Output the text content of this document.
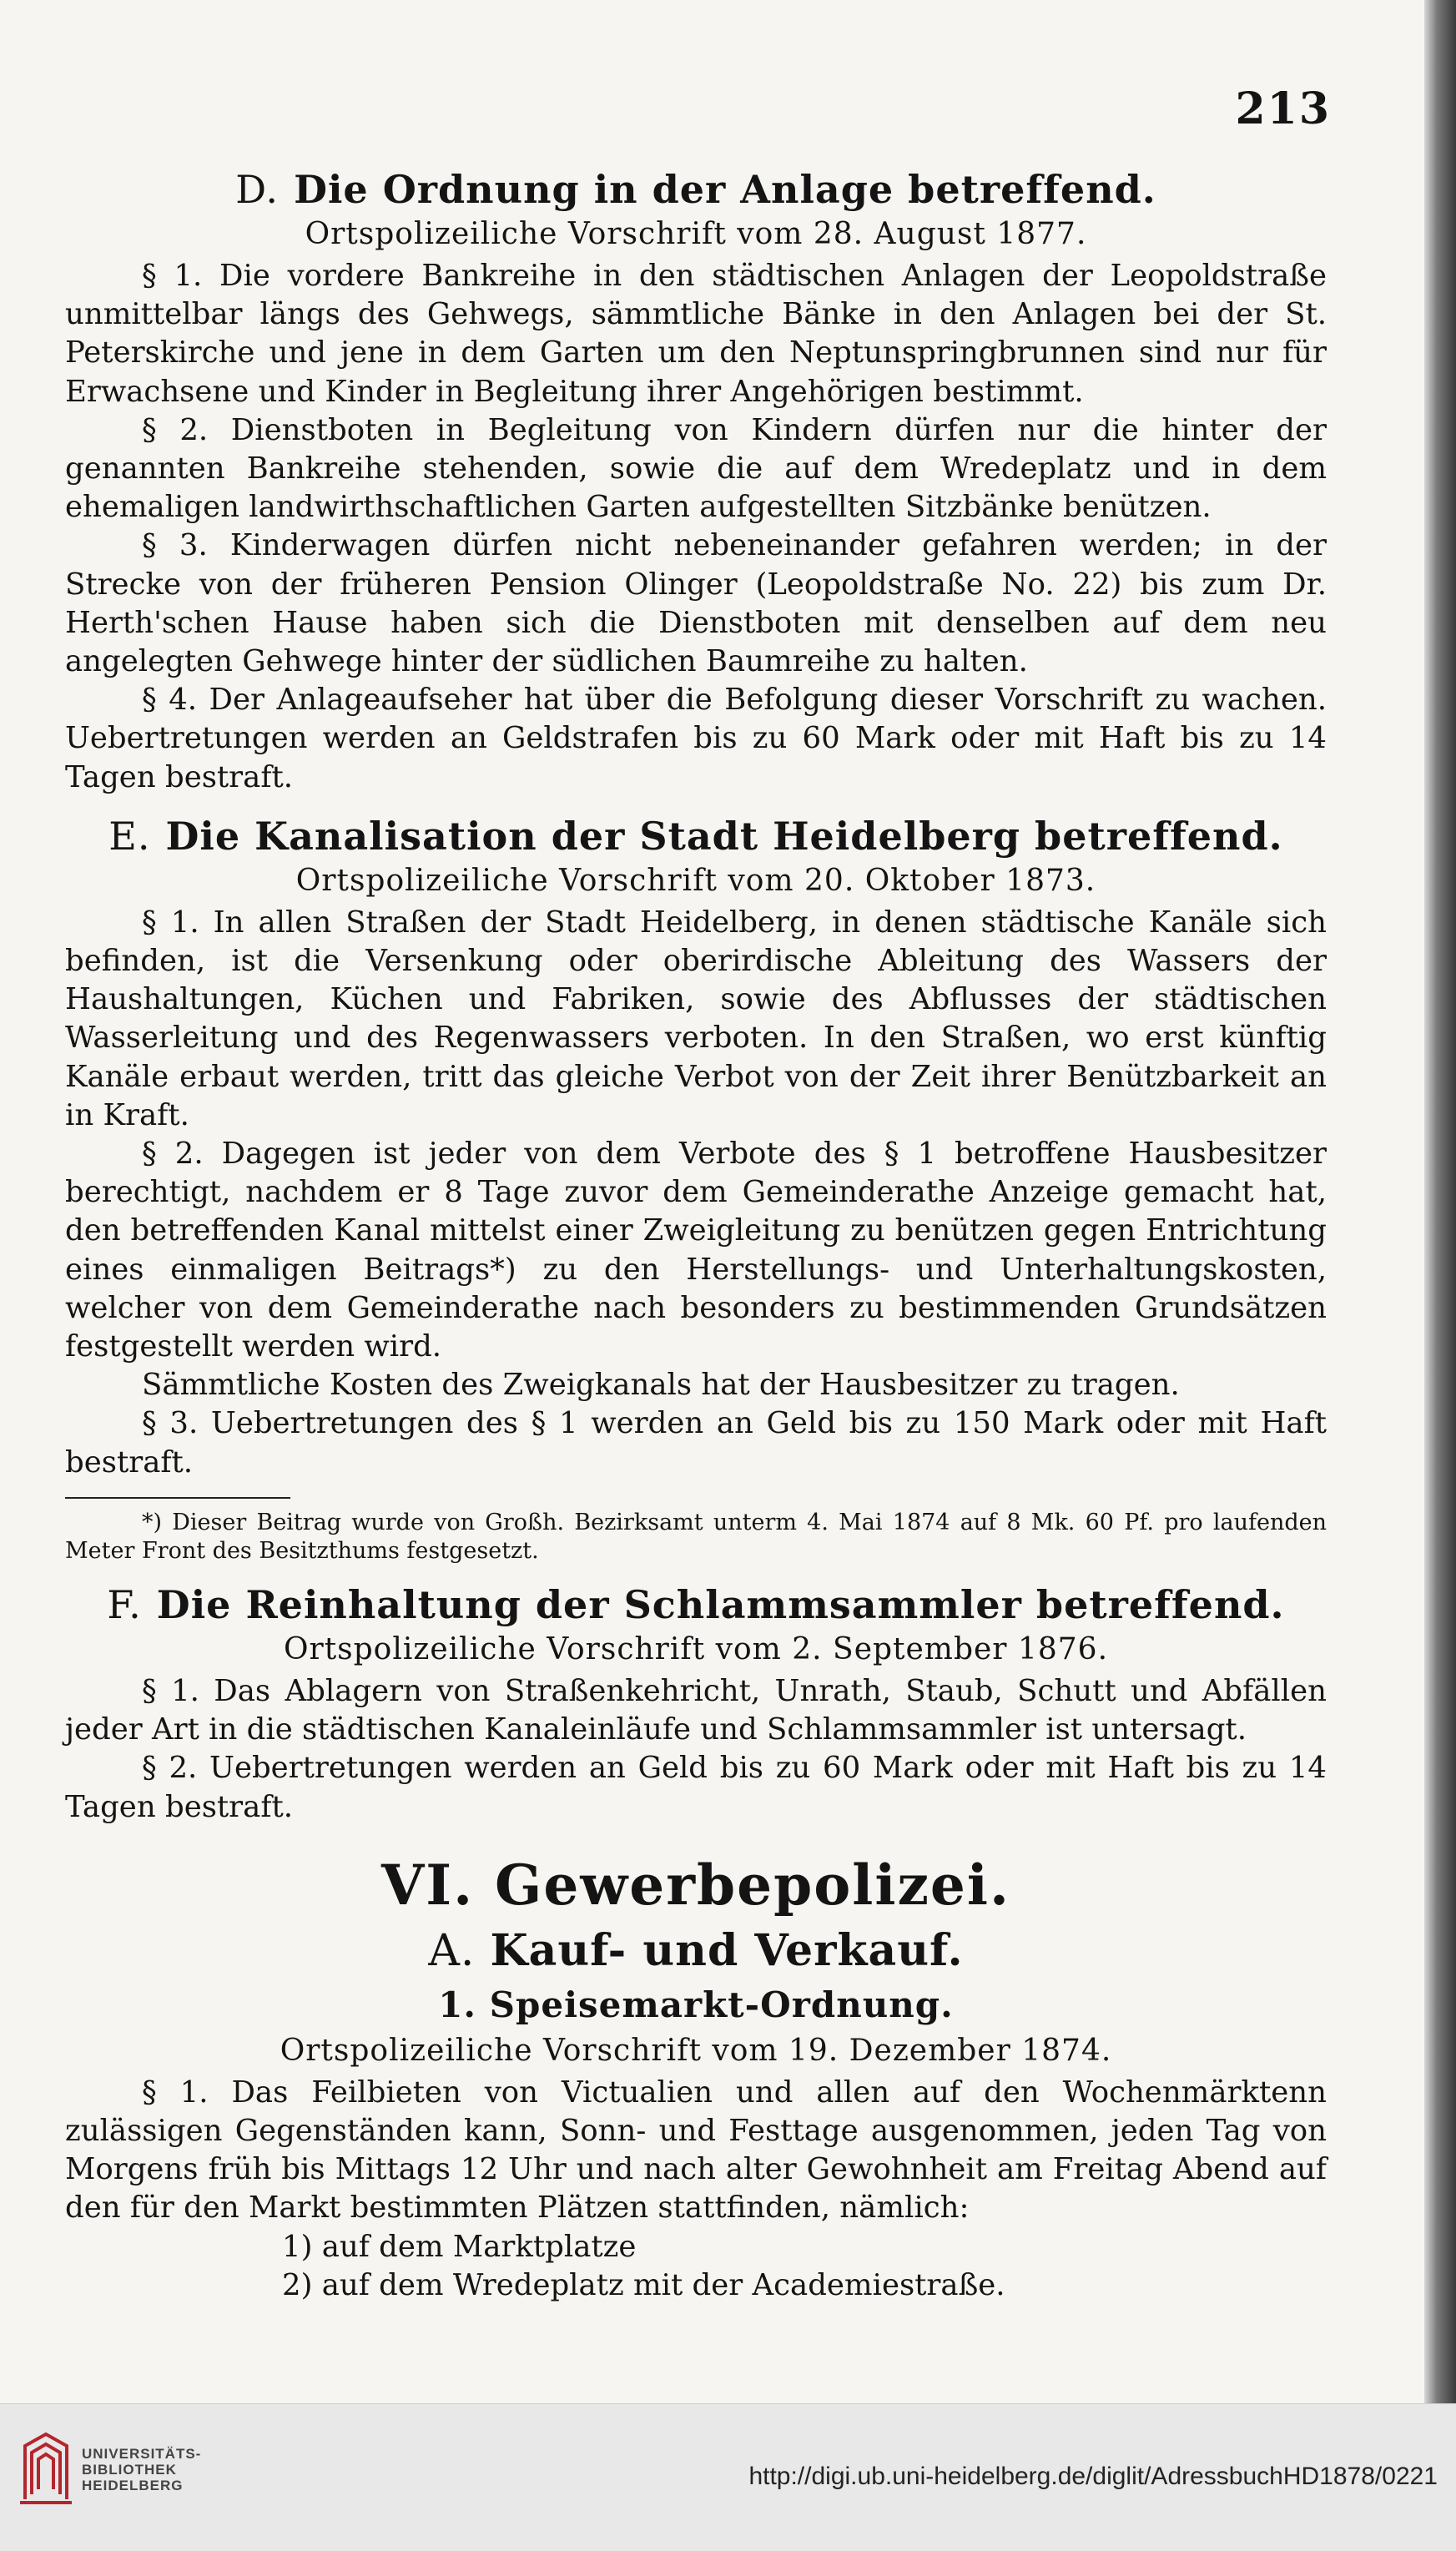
213
D. Die Ordnung in der Anlage betreffend.
Ortspolizeiliche Vorschrift vom 28. August 1877.

§ 1. Die vordere Bankreihe in den städtischen Anlagen der Leopoldstraße unmittelbar längs des Gehwegs, sämmtliche Bänke in den Anlagen bei der St. Peterskirche und jene in dem Garten um den Neptunspringbrunnen sind nur für Erwachsene und Kinder in Begleitung ihrer Angehörigen bestimmt.

§ 2. Dienstboten in Begleitung von Kindern dürfen nur die hinter der genannten Bankreihe stehenden, sowie die auf dem Wredeplatz und in dem ehemaligen landwirthschaftlichen Garten aufgestellten Sitzbänke benützen.

§ 3. Kinderwagen dürfen nicht nebeneinander gefahren werden; in der Strecke von der früheren Pension Olinger (Leopoldstraße No. 22) bis zum Dr. Herth'schen Hause haben sich die Dienstboten mit denselben auf dem neu angelegten Gehwege hinter der südlichen Baumreihe zu halten.

§ 4. Der Anlageaufseher hat über die Befolgung dieser Vorschrift zu wachen. Uebertretungen werden an Geldstrafen bis zu 60 Mark oder mit Haft bis zu 14 Tagen bestraft.

E. Die Kanalisation der Stadt Heidelberg betreffend.
Ortspolizeiliche Vorschrift vom 20. Oktober 1873.

§ 1. In allen Straßen der Stadt Heidelberg, in denen städtische Kanäle sich befinden, ist die Versenkung oder oberirdische Ableitung des Wassers der Haushaltungen, Küchen und Fabriken, sowie des Abflusses der städtischen Wasserleitung und des Regenwassers verboten. In den Straßen, wo erst künftig Kanäle erbaut werden, tritt das gleiche Verbot von der Zeit ihrer Benützbarkeit an in Kraft.

§ 2. Dagegen ist jeder von dem Verbote des § 1 betroffene Hausbesitzer berechtigt, nachdem er 8 Tage zuvor dem Gemeinderathe Anzeige gemacht hat, den betreffenden Kanal mittelst einer Zweigleitung zu benützen gegen Entrichtung eines einmaligen Beitrags*) zu den Herstellungs- und Unterhaltungskosten, welcher von dem Gemeinderathe nach besonders zu bestimmenden Grundsätzen festgestellt werden wird.

Sämmtliche Kosten des Zweigkanals hat der Hausbesitzer zu tragen.

§ 3. Uebertretungen des § 1 werden an Geld bis zu 150 Mark oder mit Haft bestraft.

*) Dieser Beitrag wurde von Großh. Bezirksamt unterm 4. Mai 1874 auf 8 Mk. 60 Pf. pro laufenden Meter Front des Besitzthums festgesetzt.

F. Die Reinhaltung der Schlammsammler betreffend.
Ortspolizeiliche Vorschrift vom 2. September 1876.

§ 1. Das Ablagern von Straßenkehricht, Unrath, Staub, Schutt und Abfällen jeder Art in die städtischen Kanaleinläufe und Schlammsammler ist untersagt.

§ 2. Uebertretungen werden an Geld bis zu 60 Mark oder mit Haft bis zu 14 Tagen bestraft.

VI. Gewerbepolizei.
A. Kauf- und Verkauf.
1. Speisemarkt-Ordnung.
Ortspolizeiliche Vorschrift vom 19. Dezember 1874.

§ 1. Das Feilbieten von Victualien und allen auf den Wochenmärktenn zulässigen Gegenständen kann, Sonn- und Festtage ausgenommen, jeden Tag von Morgens früh bis Mittags 12 Uhr und nach alter Gewohnheit am Freitag Abend auf den für den Markt bestimmten Plätzen stattfinden, nämlich:

1) auf dem Marktplatze

2) auf dem Wredeplatz mit der Academiestraße.

UNIVERSITÄTS-
BIBLIOTHEK
HEIDELBERG	http://digi.ub.uni-heidelberg.de/diglit/AdressbuchHD1878/0221
